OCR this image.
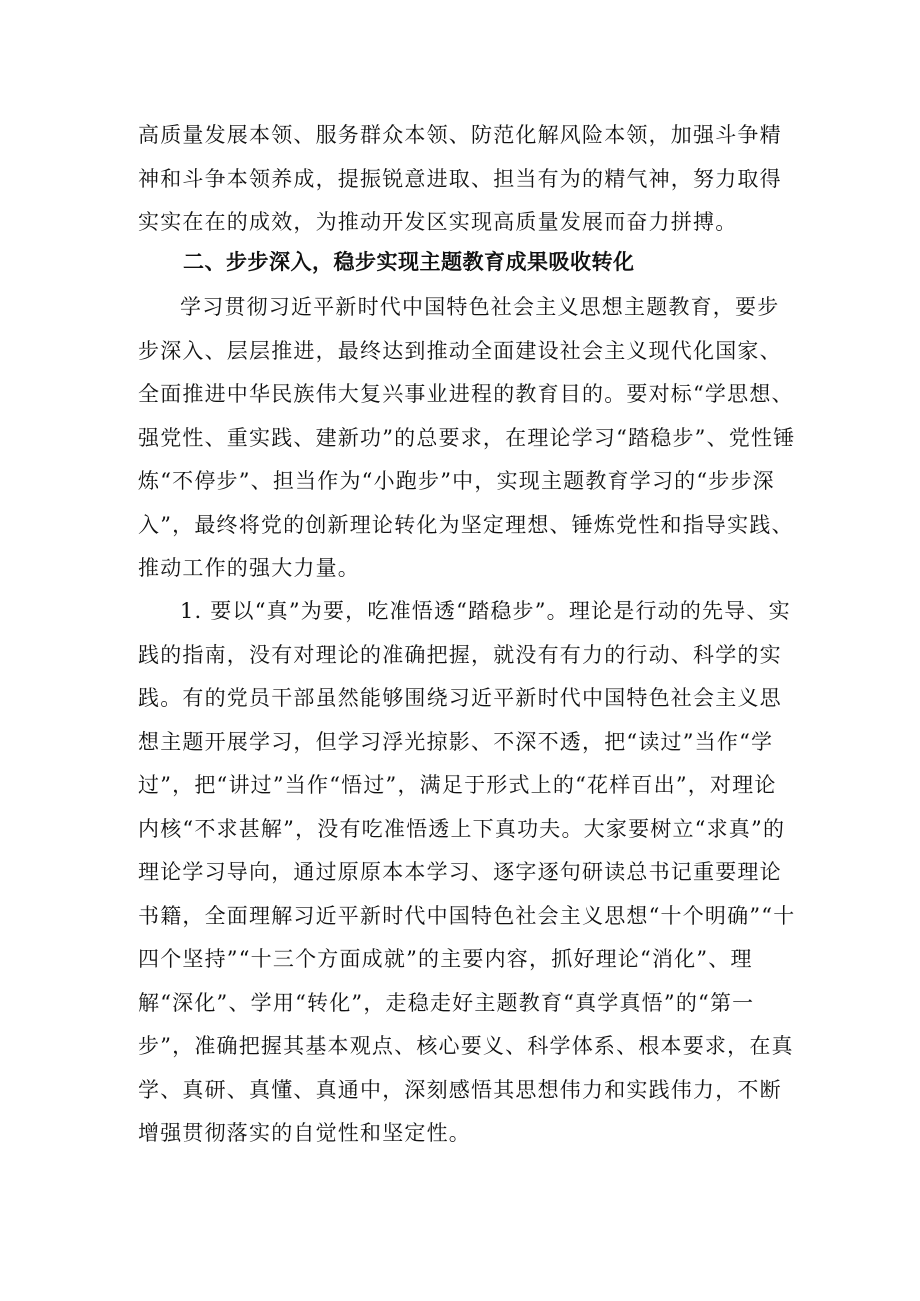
高质量发展本领、服务群众本领、防范化解风险本领，加强斗争精神和斗争本领养成，提振锐意进取、担当有为的精气神，努力取得实实在在的成效，为推动开发区实现高质量发展而奋力拼搏。
二、步步深入，稳步实现主题教育成果吸收转化
学习贯彻习近平新时代中国特色社会主义思想主题教育，要步步深入、层层推进，最终达到推动全面建设社会主义现代化国家、全面推进中华民族伟大复兴事业进程的教育目的。要对标“学思想、强党性、重实践、建新功”的总要求，在理论学习“踏稳步”、党性锤炼“不停步”、担当作为“小跑步”中，实现主题教育学习的“步步深入”，最终将党的创新理论转化为坚定理想、锤炼党性和指导实践、推动工作的强大力量。
1. 要以“真”为要，吃准悟透“踏稳步”。理论是行动的先导、实践的指南，没有对理论的准确把握，就没有有力的行动、科学的实践。有的党员干部虽然能够围绕习近平新时代中国特色社会主义思想主题开展学习，但学习浮光掠影、不深不透，把“读过”当作“学过”，把“讲过”当作“悟过”，满足于形式上的“花样百出”，对理论内核“不求甚解”，没有吃准悟透上下真功夫。大家要树立“求真”的理论学习导向，通过原原本本学习、逐字逐句研读总书记重要理论书籍，全面理解习近平新时代中国特色社会主义思想“十个明确”“十四个坚持”“十三个方面成就”的主要内容，抓好理论“消化”、理解“深化”、学用“转化”，走稳走好主题教育“真学真悟”的“第一步”，准确把握其基本观点、核心要义、科学体系、根本要求，在真学、真研、真懂、真通中，深刻感悟其思想伟力和实践伟力，不断增强贯彻落实的自觉性和坚定性。
